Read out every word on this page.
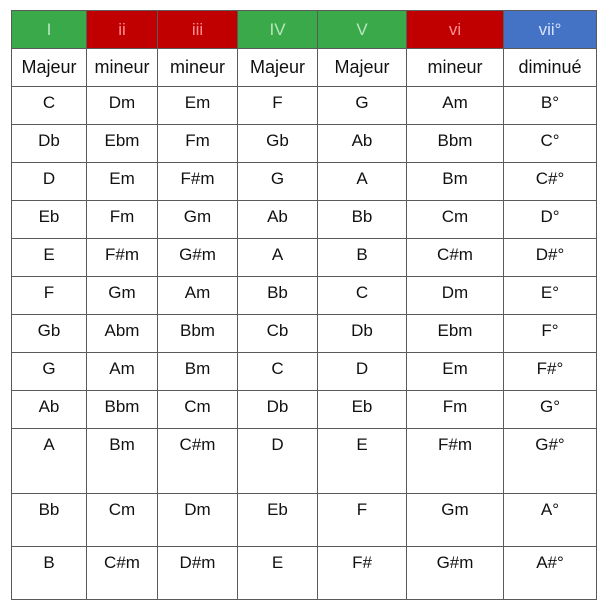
I	ii	iii	IV	V	vi	vii°
Majeur	mineur	mineur	Majeur	Majeur	mineur	diminué

C	Dm	Em	F	G	Am	B°

Db	Ebm	Fm	Gb	Ab	Bbm	C°

D	Em	F#m	G	A	Bm	C#°

Eb	Fm	Gm	Ab	Bb	Cm	D°

E	F#m	G#m	A	B	C#m	D#°

F	Gm	Am	Bb	C	Dm	E°

Gb	Abm	Bbm	Cb	Db	Ebm	F°

G	Am	Bm	C	D	Em	F#°

Ab	Bbm	Cm	Db	Eb	Fm	G°

A	Bm	C#m	D	E	F#m	G#°

Bb	Cm	Dm	Eb	F	Gm	A°

B	C#m	D#m	E	F#	G#m	A#°
